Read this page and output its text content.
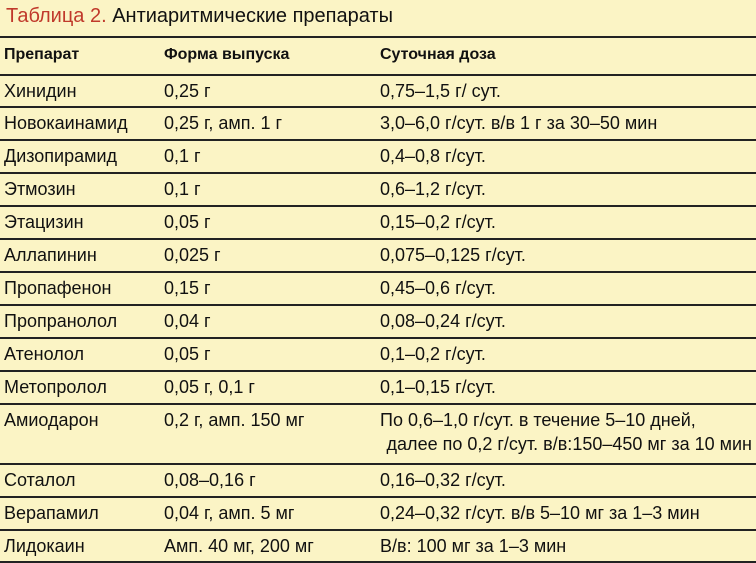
Таблица 2. Антиаритмические препараты
Препарат	Форма выпуска	Суточная доза
Хинидин	0,25 г	0,75–1,5 г/ сут.
Новокаинамид 0,25 г, амп. 1 г	3,0–6,0 г/сут. в/в 1 г за 30–50 мин
Дизопирамид	0,1 г	0,4–0,8 г/сут.
Этмозин	0,1 г	0,6–1,2 г/сут.
Этацизин	0,05 г	0,15–0,2 г/сут.
Аллапинин	0,025 г	0,075–0,125 г/сут.
Пропафенон	0,15 г	0,45–0,6 г/сут.
Пропранолол	0,04 г	0,08–0,24 г/сут.
Атенолол	0,05 г	0,1–0,2 г/сут.
Метопролол	0,05 г, 0,1 г	0,1–0,15 г/сут.
Амиодарон	0,2 г, амп. 150 мг	По 0,6–1,0 г/сут. в течение 5–10 дней,
далее по 0,2 г/сут. в/в:150–450 мг за 10 мин
Соталол	0,08–0,16 г	0,16–0,32 г/сут.
Верапамил	0,04 г, амп. 5 мг	0,24–0,32 г/сут. в/в 5–10 мг за 1–3 мин
Лидокаин	Амп. 40 мг, 200 мг	В/в: 100 мг за 1–3 мин
